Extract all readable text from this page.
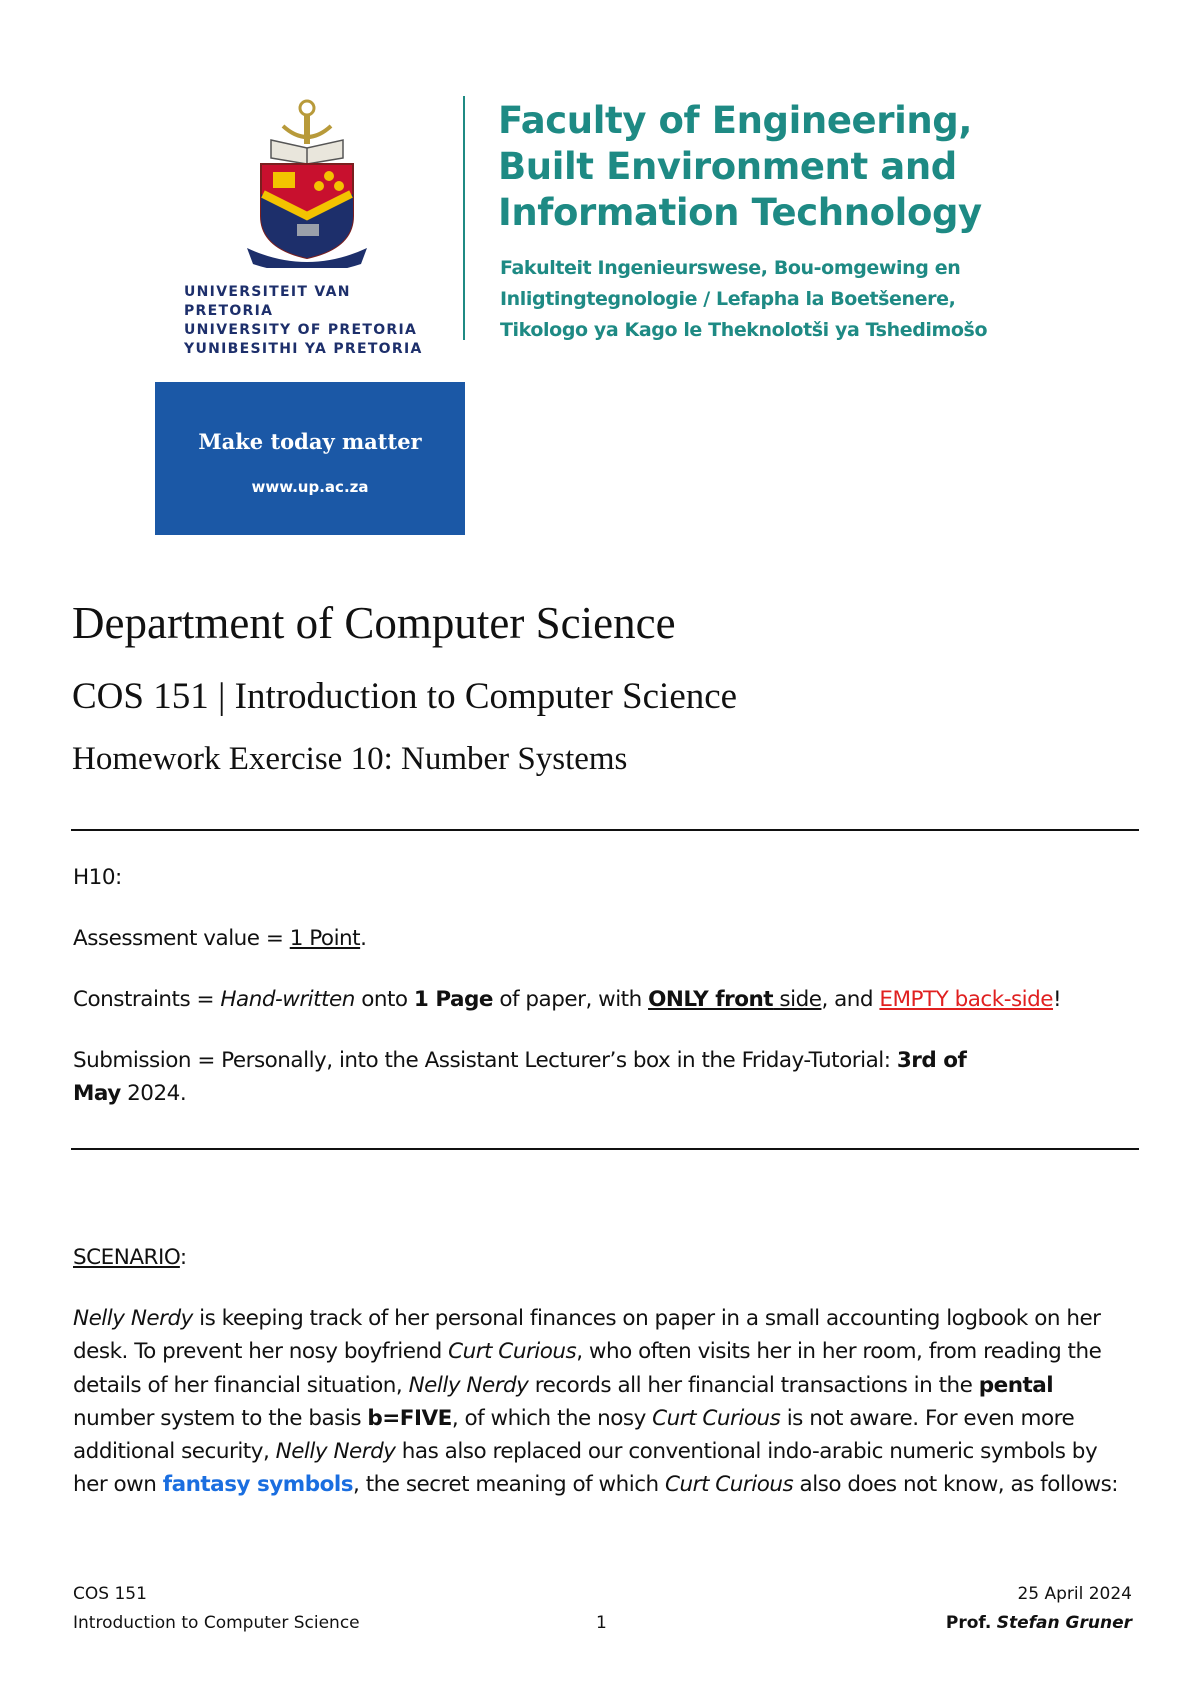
UNIVERSITEIT VAN PRETORIA
UNIVERSITY OF PRETORIA
YUNIBESITHI YA PRETORIA
Faculty of Engineering,
Built Environment and
Information Technology
Fakulteit Ingenieurswese, Bou-omgewing en
Inligtingtegnologie / Lefapha la Boetšenere,
Tikologo ya Kago le Theknolotši ya Tshedimošo
Make today matter
www.up.ac.za
Department of Computer Science
COS 151 | Introduction to Computer Science
Homework Exercise 10: Number Systems
H10:
Assessment value = 1 Point.
Constraints = Hand-written onto 1 Page of paper, with ONLY front side, and EMPTY back-side!
Submission = Personally, into the Assistant Lecturer’s box in the Friday-Tutorial: 3rd of
May 2024.
SCENARIO:
Nelly Nerdy is keeping track of her personal finances on paper in a small accounting logbook on her desk. To prevent her nosy boyfriend Curt Curious, who often visits her in her room, from reading the details of her financial situation, Nelly Nerdy records all her financial transactions in the pental number system to the basis b=FIVE, of which the nosy Curt Curious is not aware. For even more additional security, Nelly Nerdy has also replaced our conventional indo-arabic numeric symbols by her own fantasy symbols, the secret meaning of which Curt Curious also does not know, as follows:
COS 151
Introduction to Computer Science	1
25 April 2024
Prof. Stefan Gruner
